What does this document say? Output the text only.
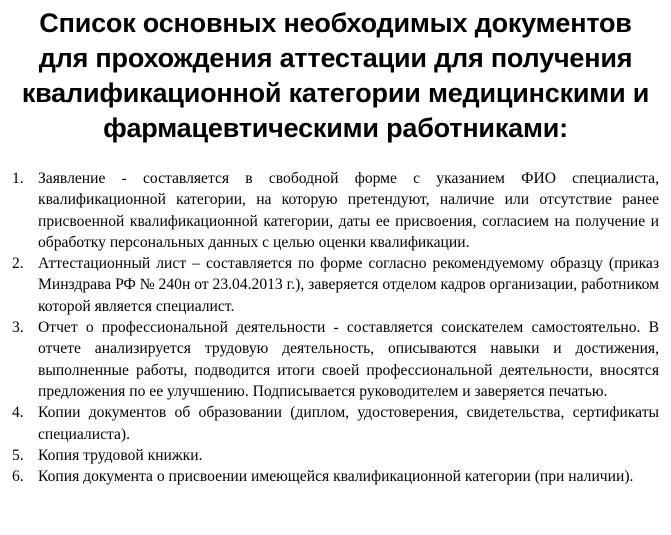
Список основных необходимых документов для прохождения аттестации для получения квалификационной категории медицинскими и фармацевтическими работниками:
1. Заявление - составляется в свободной форме с указанием ФИО специалиста, квалификационной категории, на которую претендуют, наличие или отсутствие ранее присвоенной квалификационной категории, даты ее присвоения, согласием на получение и обработку персональных данных с целью оценки квалификации.
2. Аттестационный лист – составляется по форме согласно рекомендуемому образцу (приказ Минздрава РФ № 240н от 23.04.2013 г.), заверяется отделом кадров организации, работником которой является специалист.
3. Отчет о профессиональной деятельности - составляется соискателем самостоятельно. В отчете анализируется трудовую деятельность, описываются навыки и достижения, выполненные работы, подводится итоги своей профессиональной деятельности, вносятся предложения по ее улучшению. Подписывается руководителем и заверяется печатью.
4. Копии документов об образовании (диплом, удостоверения, свидетельства, сертификаты специалиста).
5. Копия трудовой книжки.
6. Копия документа о присвоении имеющейся квалификационной категории (при наличии).
